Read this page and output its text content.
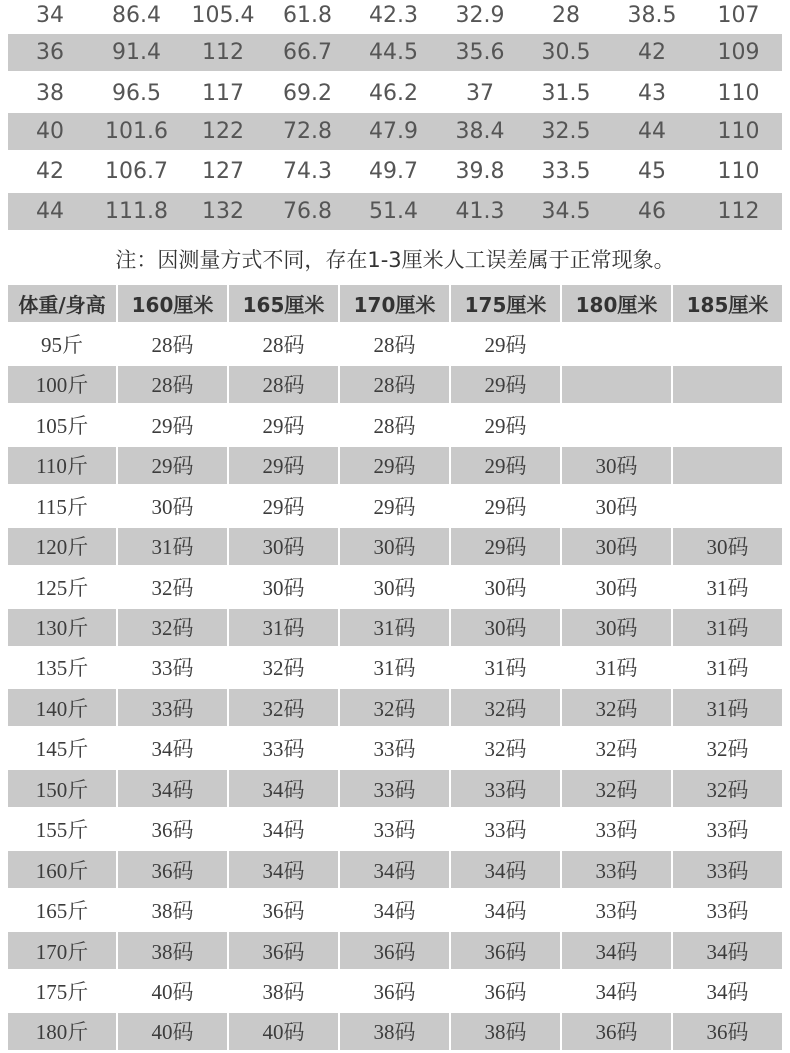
34	86.4	105.4	61.8	42.3	32.9	28	38.5	107
36	91.4	112	66.7	44.5	35.6	30.5	42	109
38	96.5	117	69.2	46.2	37	31.5	43	110
40	101.6	122	72.8	47.9	38.4	32.5	44	110
42	106.7	127	74.3	49.7	39.8	33.5	45	110
44	111.8	132	76.8	51.4	41.3	34.5	46	112
注：因测量方式不同，存在1-3厘米人工误差属于正常现象。
体重/身高	160厘米	165厘米	170厘米	175厘米	180厘米	185厘米
95斤	28码	28码	28码	29码
100斤	28码	28码	28码	29码
105斤	29码	29码	28码	29码
110斤	29码	29码	29码	29码	30码
115斤	30码	29码	29码	29码	30码
120斤	31码	30码	30码	29码	30码	30码
125斤	32码	30码	30码	30码	30码	31码
130斤	32码	31码	31码	30码	30码	31码
135斤	33码	32码	31码	31码	31码	31码
140斤	33码	32码	32码	32码	32码	31码
145斤	34码	33码	33码	32码	32码	32码
150斤	34码	34码	33码	33码	32码	32码
155斤	36码	34码	33码	33码	33码	33码
160斤	36码	34码	34码	34码	33码	33码
165斤	38码	36码	34码	34码	33码	33码
170斤	38码	36码	36码	36码	34码	34码
175斤	40码	38码	36码	36码	34码	34码
180斤	40码	40码	38码	38码	36码	36码
